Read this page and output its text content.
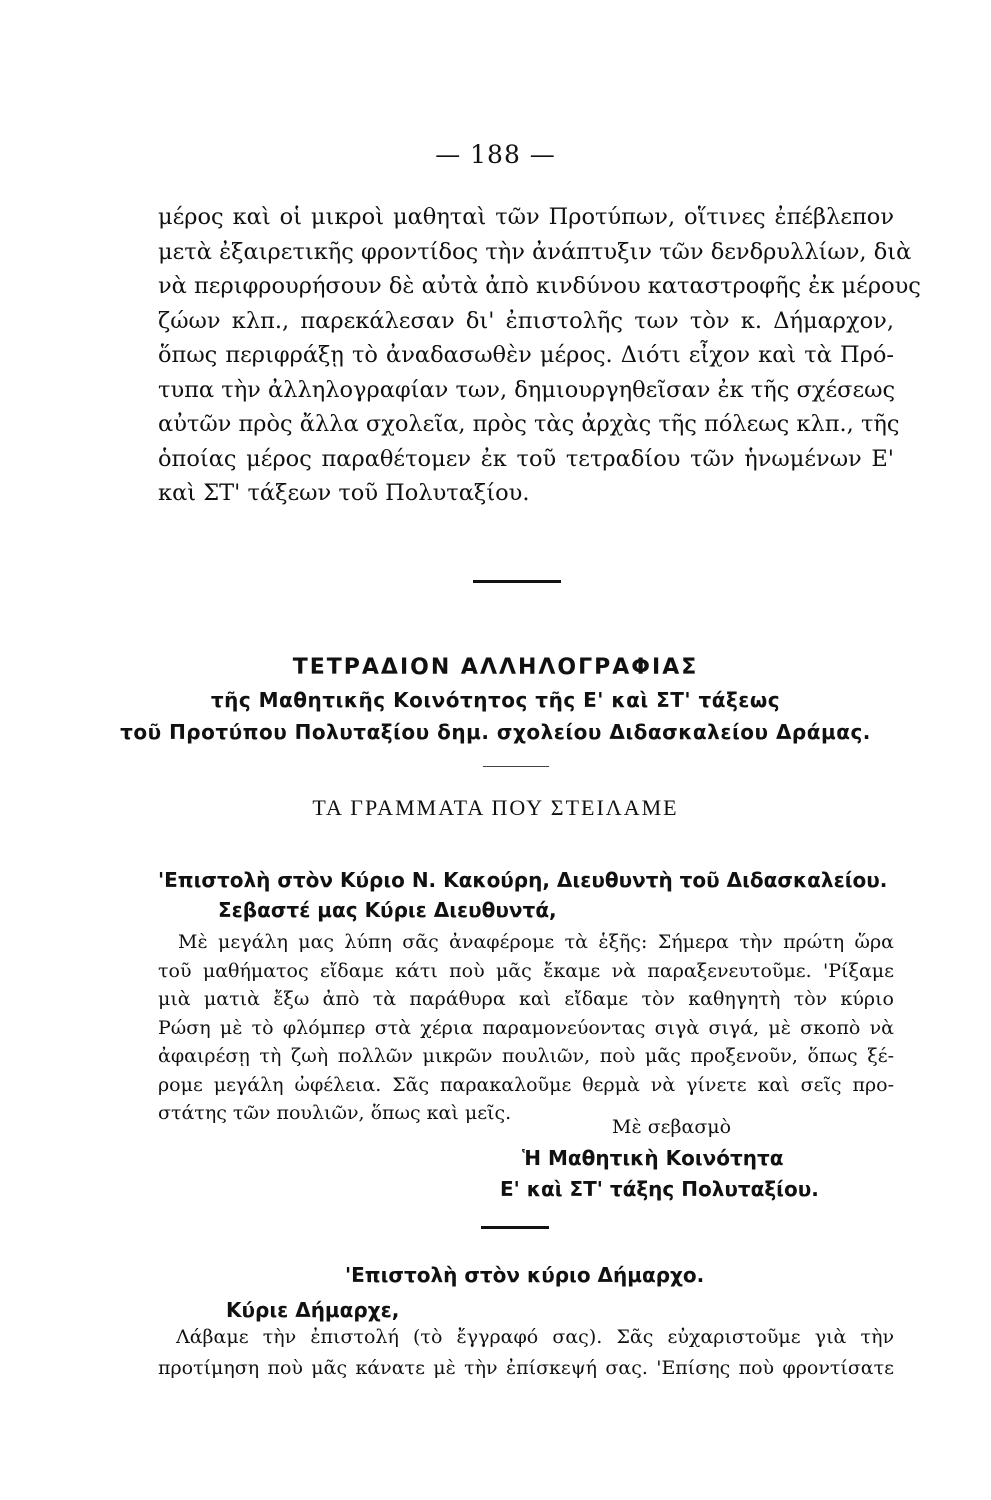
— 188 —
μέρος καὶ οἱ μικροὶ μαθηταὶ τῶν Προτύπων, οἵτινες ἐπέβλεπον
μετὰ ἐξαιρετικῆς φροντίδος τὴν ἀνάπτυξιν τῶν δενδρυλλίων, διὰ
νὰ περιφρουρήσουν δὲ αὐτὰ ἀπὸ κινδύνου καταστροφῆς ἐκ μέρους
ζώων κλπ., παρεκάλεσαν δι' ἐπιστολῆς των τὸν κ. Δήμαρχον,
ὅπως περιφράξῃ τὸ ἀναδασωθὲν μέρος. Διότι εἶχον καὶ τὰ Πρό-
τυπα τὴν ἀλληλογραφίαν των, δημιουργηθεῖσαν ἐκ τῆς σχέσεως
αὐτῶν πρὸς ἄλλα σχολεῖα, πρὸς τὰς ἀρχὰς τῆς πόλεως κλπ., τῆς
ὁποίας μέρος παραθέτομεν ἐκ τοῦ τετραδίου τῶν ἡνωμένων Ε'
καὶ ΣΤ' τάξεων τοῦ Πολυταξίου.
ΤΕΤΡΑΔΙΟΝ ΑΛΛΗΛΟΓΡΑΦΙΑΣ
τῆς Μαθητικῆς Κοινότητος τῆς Ε' καὶ ΣΤ' τάξεως
τοῦ Προτύπου Πολυταξίου δημ. σχολείου Διδασκαλείου Δράμας.
ΤΑ ΓΡΑΜΜΑΤΑ ΠΟΥ ΣΤΕΙΛΑΜΕ
'Επιστολὴ στὸν Κύριο Ν. Κακούρη, Διευθυντὴ τοῦ Διδασκαλείου.
Σεβαστέ μας Κύριε Διευθυντά,
Μὲ μεγάλη μας λύπη σᾶς ἀναφέρομε τὰ ἑξῆς: Σήμερα τὴν πρώτη ὥρα
τοῦ μαθήματος εἴδαμε κάτι ποὺ μᾶς ἔκαμε νὰ παραξενευτοῦμε. 'Ρίξαμε
μιὰ ματιὰ ἔξω ἀπὸ τὰ παράθυρα καὶ εἴδαμε τὸν καθηγητὴ τὸν κύριο
Ρώση μὲ τὸ φλόμπερ στὰ χέρια παραμονεύοντας σιγὰ σιγά, μὲ σκοπὸ νὰ
ἀφαιρέσῃ τὴ ζωὴ πολλῶν μικρῶν πουλιῶν, ποὺ μᾶς προξενοῦν, ὅπως ξέ-
ρομε μεγάλη ὠφέλεια. Σᾶς παρακαλοῦμε θερμὰ νὰ γίνετε καὶ σεῖς προ-
στάτης τῶν πουλιῶν, ὅπως καὶ μεῖς.
Μὲ σεβασμὸ
Ἡ Μαθητικὴ Κοινότητα
Ε' καὶ ΣΤ' τάξης Πολυταξίου.
'Επιστολὴ στὸν κύριο Δήμαρχο.
Κύριε Δήμαρχε,
Λάβαμε τὴν ἐπιστολή (τὸ ἔγγραφό σας). Σᾶς εὐχαριστοῦμε γιὰ τὴν
προτίμηση ποὺ μᾶς κάνατε μὲ τὴν ἐπίσκεψή σας. 'Επίσης ποὺ φροντίσατε
